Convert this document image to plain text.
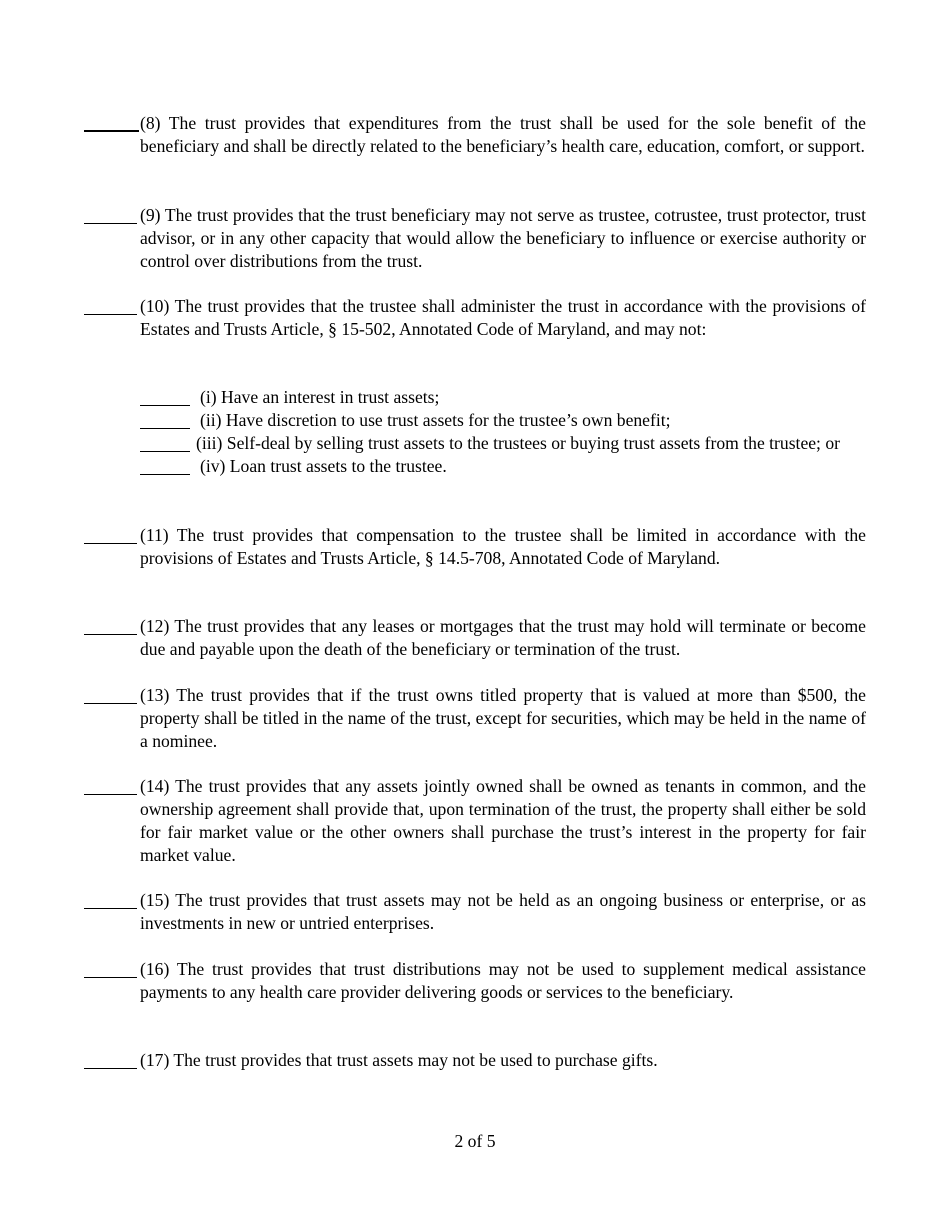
(8) The trust provides that expenditures from the trust shall be used for the sole benefit of the beneficiary and shall be directly related to the beneficiary’s health care, education, comfort, or support.
(9) The trust provides that the trust beneficiary may not serve as trustee, cotrustee, trust protector, trust advisor, or in any other capacity that would allow the beneficiary to influence or exercise authority or control over distributions from the trust.
(10) The trust provides that the trustee shall administer the trust in accordance with the provisions of Estates and Trusts Article, § 15-502, Annotated Code of Maryland, and may not:
(i) Have an interest in trust assets;
(ii) Have discretion to use trust assets for the trustee’s own benefit;
(iii) Self-deal by selling trust assets to the trustees or buying trust assets from the trustee; or
(iv) Loan trust assets to the trustee.
(11) The trust provides that compensation to the trustee shall be limited in accordance with the provisions of Estates and Trusts Article, § 14.5-708, Annotated Code of Maryland.
(12) The trust provides that any leases or mortgages that the trust may hold will terminate or become due and payable upon the death of the beneficiary or termination of the trust.
(13) The trust provides that if the trust owns titled property that is valued at more than $500, the property shall be titled in the name of the trust, except for securities, which may be held in the name of a nominee.
(14) The trust provides that any assets jointly owned shall be owned as tenants in common, and the ownership agreement shall provide that, upon termination of the trust, the property shall either be sold for fair market value or the other owners shall purchase the trust’s interest in the property for fair market value.
(15) The trust provides that trust assets may not be held as an ongoing business or enterprise, or as investments in new or untried enterprises.
(16) The trust provides that trust distributions may not be used to supplement medical assistance payments to any health care provider delivering goods or services to the beneficiary.
(17) The trust provides that trust assets may not be used to purchase gifts.
2 of 5
